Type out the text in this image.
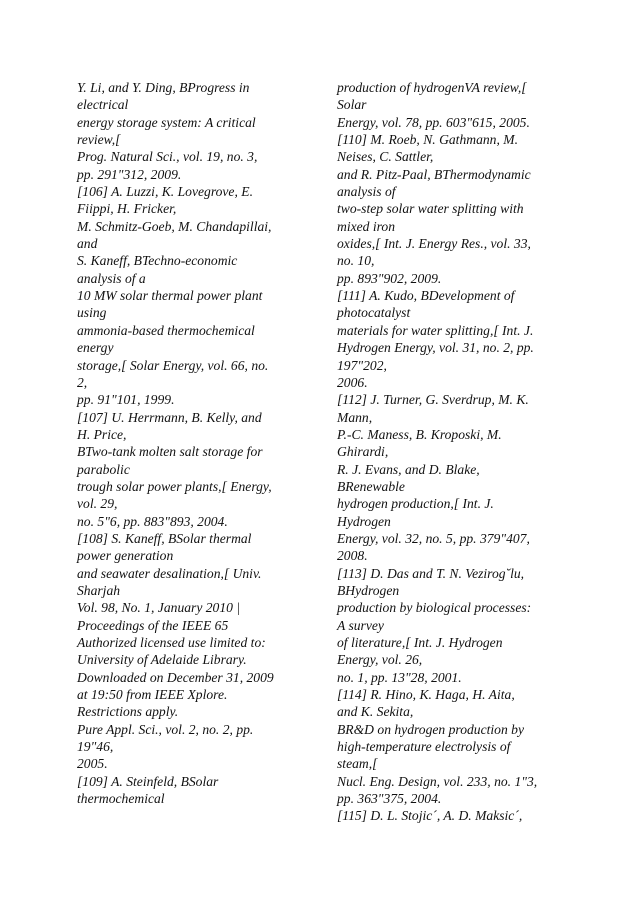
Y. Li, and Y. Ding, BProgress in
electrical
energy storage system: A critical
review,[
Prog. Natural Sci., vol. 19, no. 3,
pp. 291"312, 2009.
[106] A. Luzzi, K. Lovegrove, E.
Fiippi, H. Fricker,
M. Schmitz-Goeb, M. Chandapillai,
and
S. Kaneff, BTechno-economic
analysis of a
10 MW solar thermal power plant
using
ammonia-based thermochemical
energy
storage,[ Solar Energy, vol. 66, no.
2,
pp. 91"101, 1999.
[107] U. Herrmann, B. Kelly, and
H. Price,
BTwo-tank molten salt storage for
parabolic
trough solar power plants,[ Energy,
vol. 29,
no. 5"6, pp. 883"893, 2004.
[108] S. Kaneff, BSolar thermal
power generation
and seawater desalination,[ Univ.
Sharjah
Vol. 98, No. 1, January 2010 |
Proceedings of the IEEE 65
Authorized licensed use limited to:
University of Adelaide Library.
Downloaded on December 31, 2009
at 19:50 from IEEE Xplore.
Restrictions apply.
Pure Appl. Sci., vol. 2, no. 2, pp.
19"46,
2005.
[109] A. Steinfeld, BSolar
thermochemical
production of hydrogenVA review,[
Solar
Energy, vol. 78, pp. 603"615, 2005.
[110] M. Roeb, N. Gathmann, M.
Neises, C. Sattler,
and R. Pitz-Paal, BThermodynamic
analysis of
two-step solar water splitting with
mixed iron
oxides,[ Int. J. Energy Res., vol. 33,
no. 10,
pp. 893"902, 2009.
[111] A. Kudo, BDevelopment of
photocatalyst
materials for water splitting,[ Int. J.
Hydrogen Energy, vol. 31, no. 2, pp.
197"202,
2006.
[112] J. Turner, G. Sverdrup, M. K.
Mann,
P.-C. Maness, B. Kroposki, M.
Ghirardi,
R. J. Evans, and D. Blake,
BRenewable
hydrogen production,[ Int. J.
Hydrogen
Energy, vol. 32, no. 5, pp. 379"407,
2008.
[113] D. Das and T. N. Vezirog˘lu,
BHydrogen
production by biological processes:
A survey
of literature,[ Int. J. Hydrogen
Energy, vol. 26,
no. 1, pp. 13"28, 2001.
[114] R. Hino, K. Haga, H. Aita,
and K. Sekita,
BR&D on hydrogen production by
high-temperature electrolysis of
steam,[
Nucl. Eng. Design, vol. 233, no. 1"3,
pp. 363"375, 2004.
[115] D. L. Stojic´, A. D. Maksic´,
